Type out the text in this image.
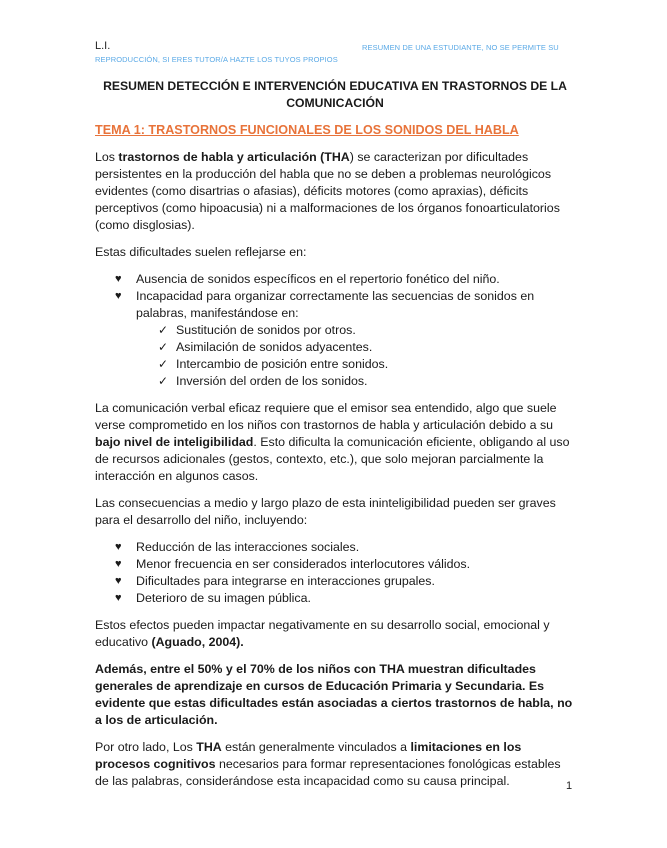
L.I.
REPRODUCCIÓN, SI ERES TUTOR/A HAZTE LOS TUYOS PROPIOS
RESUMEN DE UNA ESTUDIANTE, NO SE PERMITE SU
RESUMEN DETECCIÓN E INTERVENCIÓN EDUCATIVA EN TRASTORNOS DE LA COMUNICACIÓN
TEMA 1: TRASTORNOS FUNCIONALES DE LOS SONIDOS DEL HABLA

Los trastornos de habla y articulación (THA) se caracterizan por dificultades persistentes en la producción del habla que no se deben a problemas neurológicos evidentes (como disartrias o afasias), déficits motores (como apraxias), déficits perceptivos (como hipoacusia) ni a malformaciones de los órganos fonoarticulatorios (como disglosias).

Estas dificultades suelen reflejarse en:

♥ Ausencia de sonidos específicos en el repertorio fonético del niño.
♥ Incapacidad para organizar correctamente las secuencias de sonidos en palabras, manifestándose en:
✓ Sustitución de sonidos por otros.
✓ Asimilación de sonidos adyacentes.
✓ Intercambio de posición entre sonidos.
✓ Inversión del orden de los sonidos.

La comunicación verbal eficaz requiere que el emisor sea entendido, algo que suele verse comprometido en los niños con trastornos de habla y articulación debido a su bajo nivel de inteligibilidad. Esto dificulta la comunicación eficiente, obligando al uso de recursos adicionales (gestos, contexto, etc.), que solo mejoran parcialmente la interacción en algunos casos.

Las consecuencias a medio y largo plazo de esta ininteligibilidad pueden ser graves para el desarrollo del niño, incluyendo:

♥ Reducción de las interacciones sociales.
♥ Menor frecuencia en ser considerados interlocutores válidos.
♥ Dificultades para integrarse en interacciones grupales.
♥ Deterioro de su imagen pública.

Estos efectos pueden impactar negativamente en su desarrollo social, emocional y educativo (Aguado, 2004).

Además, entre el 50% y el 70% de los niños con THA muestran dificultades generales de aprendizaje en cursos de Educación Primaria y Secundaria. Es evidente que estas dificultades están asociadas a ciertos trastornos de habla, no a los de articulación.

Por otro lado, Los THA están generalmente vinculados a limitaciones en los procesos cognitivos necesarios para formar representaciones fonológicas estables de las palabras, considerándose esta incapacidad como su causa principal.	1
